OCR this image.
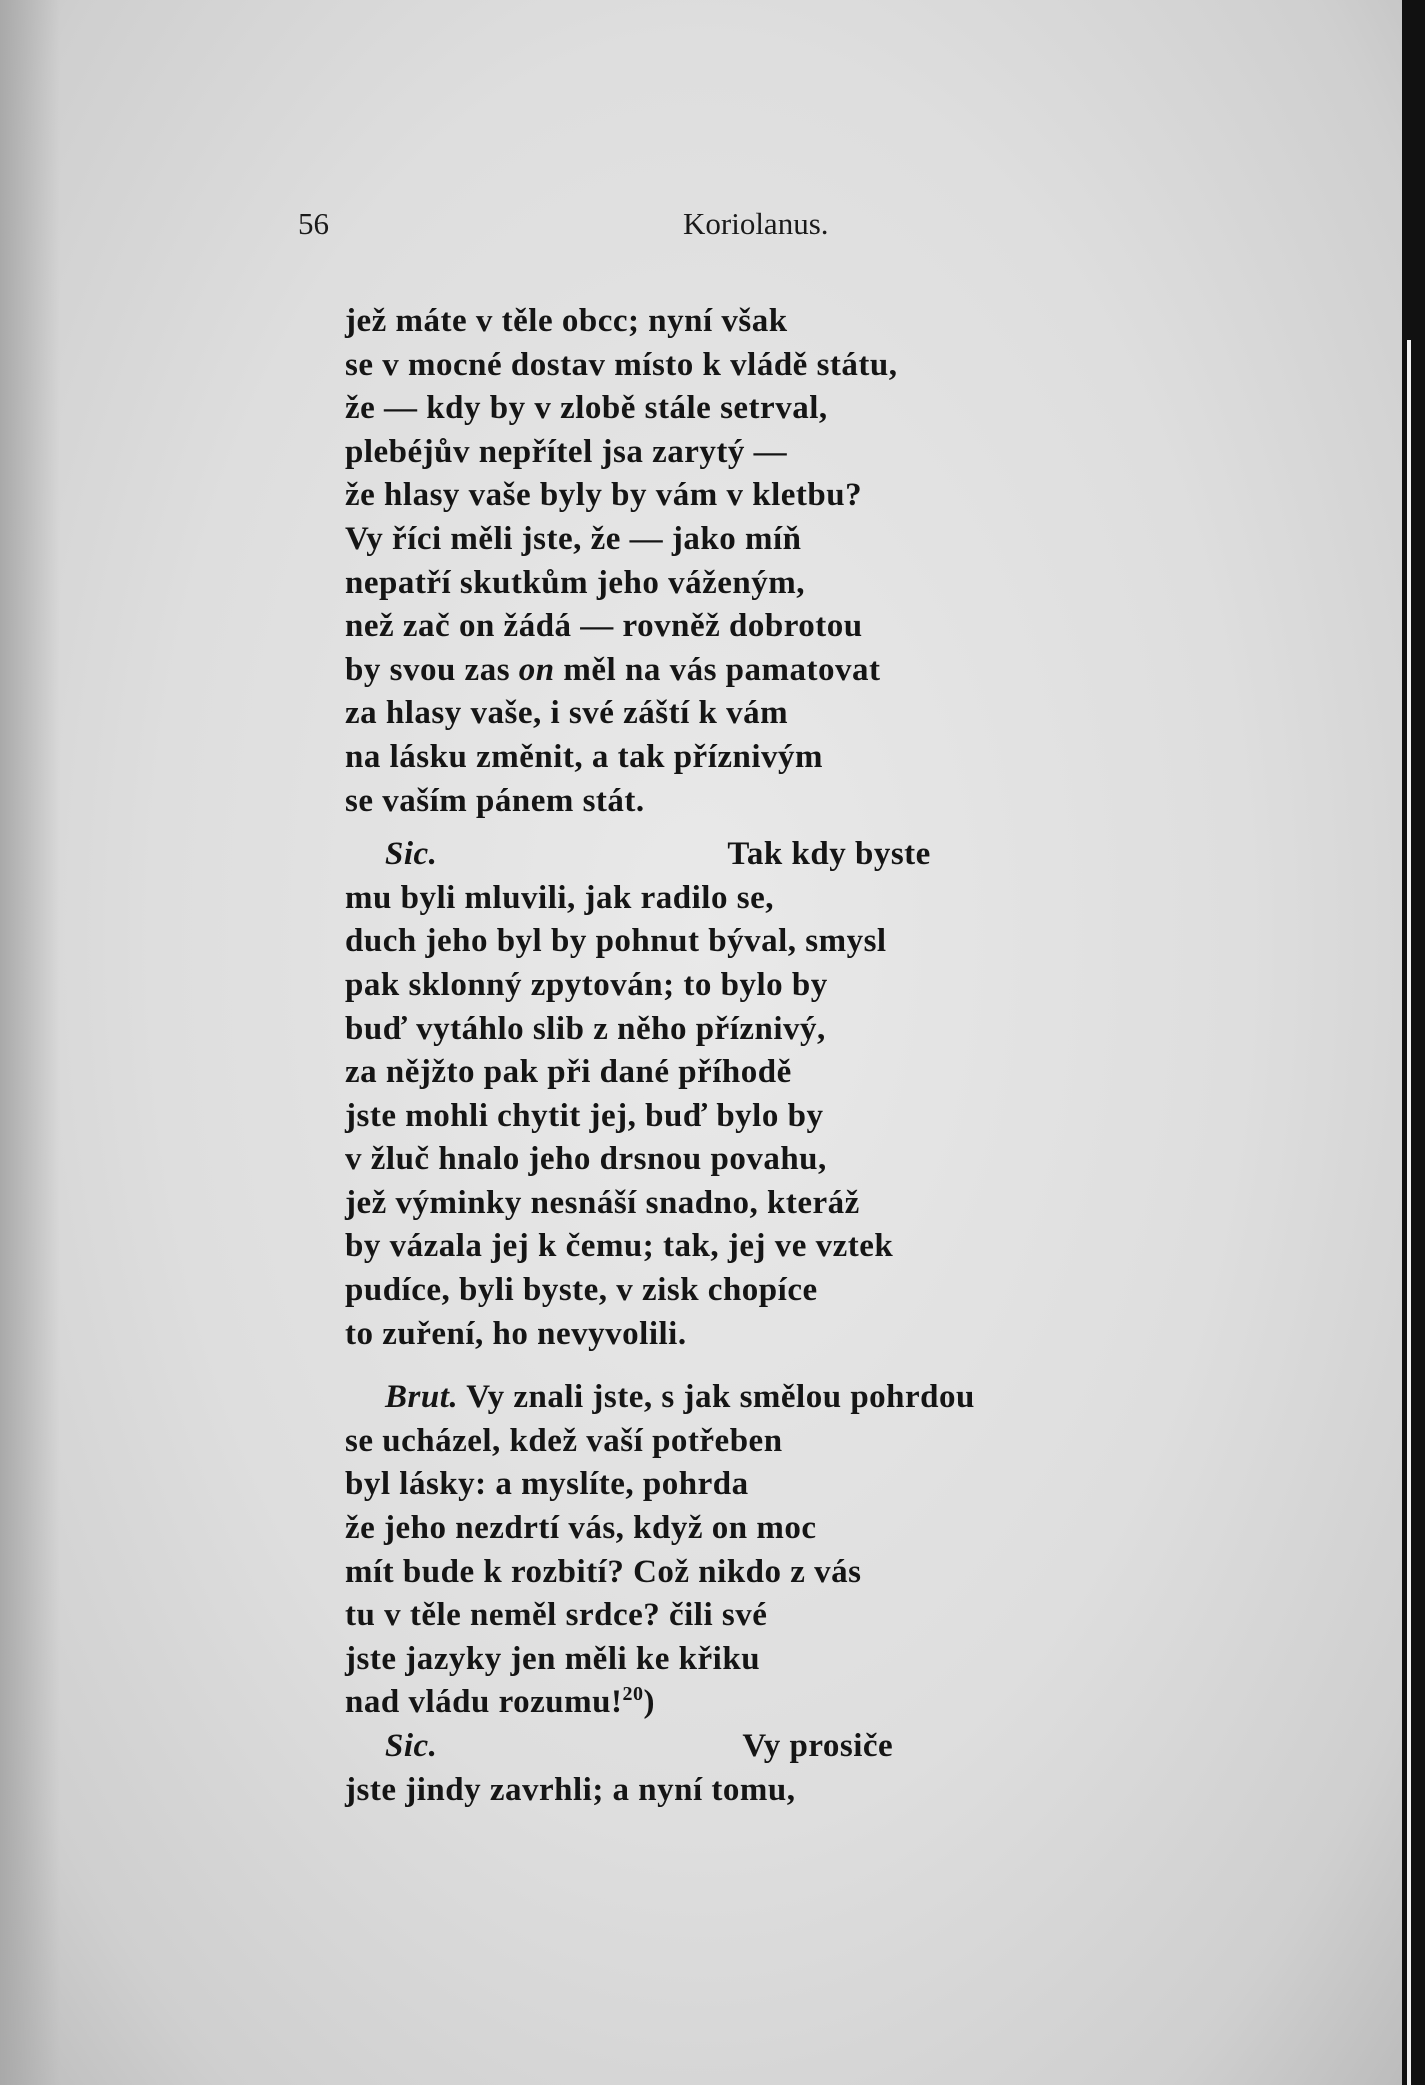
56	Koriolanus.
jež máte v těle obcc; nyní však
se v mocné dostav místo k vládě státu,
že — kdy by v zlobě stále setrval,
plebéjův nepřítel jsa zarytý —
že hlasy vaše byly by vám v kletbu?
Vy říci měli jste, že — jako míň
nepatří skutkům jeho váženým,
než zač on žádá — rovněž dobrotou
by svou zas on měl na vás pamatovat
za hlasy vaše, i své záští k vám
na lásku změnit, a tak příznivým
se vaším pánem stát.
Sic.	Tak kdy byste
mu byli mluvili, jak radilo se,
duch jeho byl by pohnut býval, smysl
pak sklonný zpytován; to bylo by
buď vytáhlo slib z něho příznivý,
za nějžto pak při dané příhodě
jste mohli chytit jej, buď bylo by
v žluč hnalo jeho drsnou povahu,
jež výminky nesnáší snadno, kteráž
by vázala jej k čemu; tak, jej ve vztek
pudíce, byli byste, v zisk chopíce
to zuření, ho nevyvolili.
Brut. Vy znali jste, s jak smělou pohrdou
se ucházel, kdež vaší potřeben
byl lásky: a myslíte, pohrda
že jeho nezdrtí vás, když on moc
mít bude k rozbití? Což nikdo z vás
tu v těle neměl srdce? čili své
jste jazyky jen měli ke křiku
nad vládu rozumu!$^{20}$)
Sic.	Vy prosiče
jste jindy zavrhli; a nyní tomu,
